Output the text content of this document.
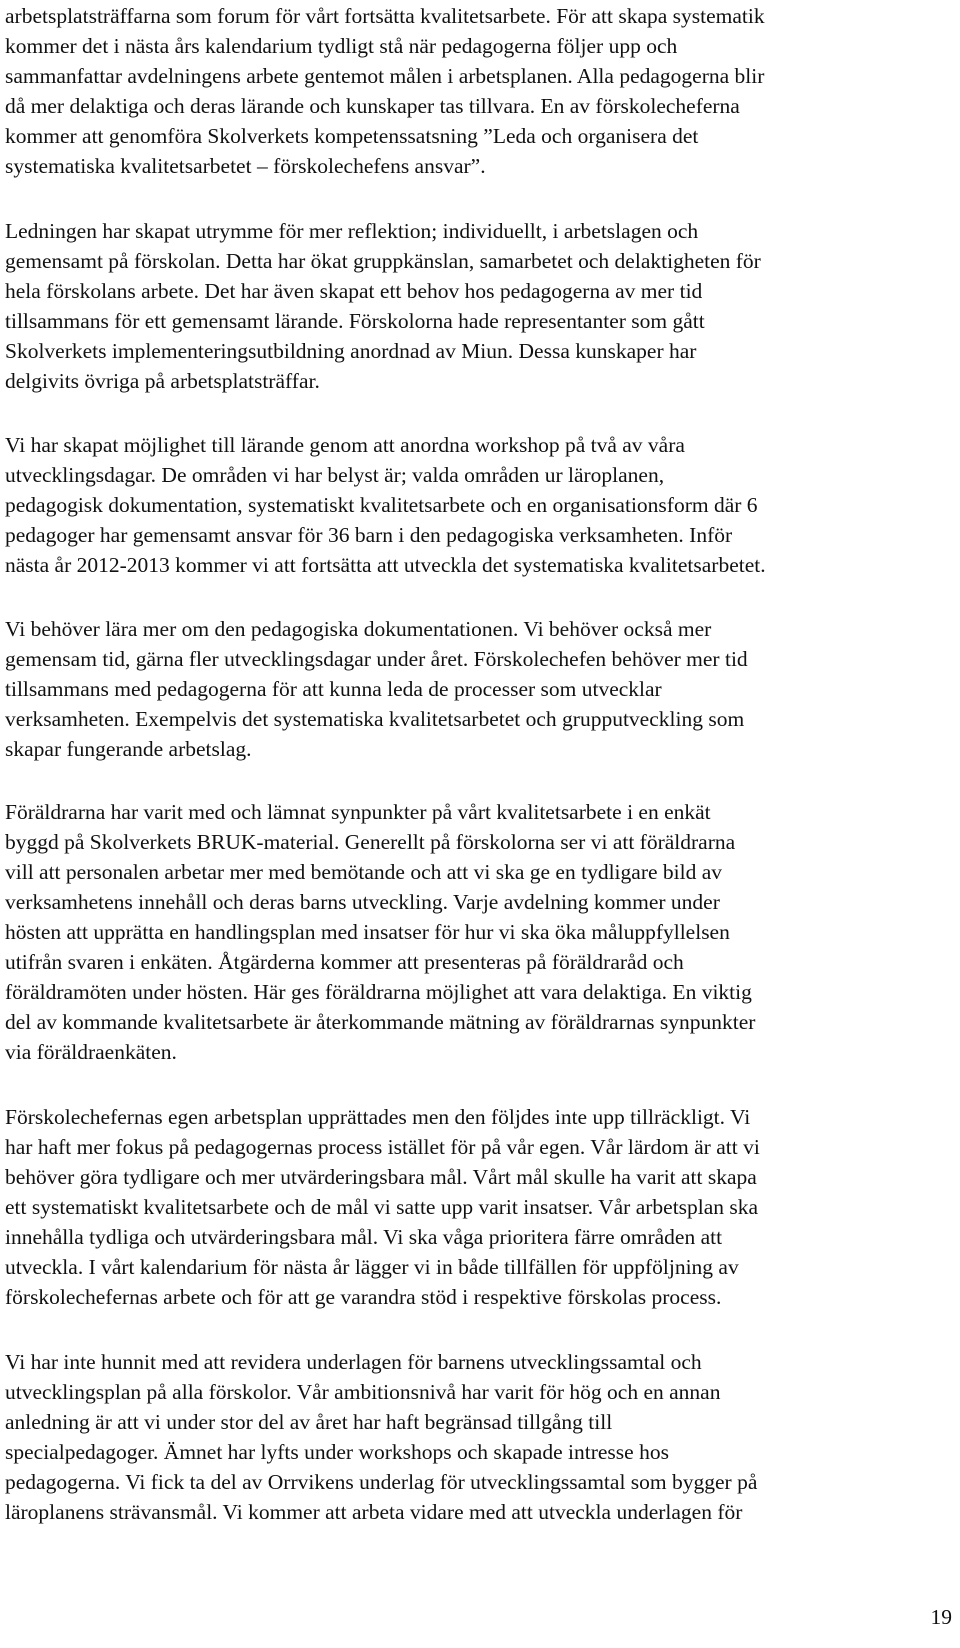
arbetsplatsträffarna som forum för vårt fortsätta kvalitetsarbete. För att skapa systematik
kommer det i nästa års kalendarium tydligt stå när pedagogerna följer upp och
sammanfattar avdelningens arbete gentemot målen i arbetsplanen. Alla pedagogerna blir
då mer delaktiga och deras lärande och kunskaper tas tillvara. En av förskolecheferna
kommer att genomföra Skolverkets kompetenssatsning ”Leda och organisera det
systematiska kvalitetsarbetet – förskolechefens ansvar”.
Ledningen har skapat utrymme för mer reflektion; individuellt, i arbetslagen och
gemensamt på förskolan. Detta har ökat gruppkänslan, samarbetet och delaktigheten för
hela förskolans arbete. Det har även skapat ett behov hos pedagogerna av mer tid
tillsammans för ett gemensamt lärande. Förskolorna hade representanter som gått
Skolverkets implementeringsutbildning anordnad av Miun. Dessa kunskaper har
delgivits övriga på arbetsplatsträffar.
Vi har skapat möjlighet till lärande genom att anordna workshop på två av våra
utvecklingsdagar. De områden vi har belyst är; valda områden ur läroplanen,
pedagogisk dokumentation, systematiskt kvalitetsarbete och en organisationsform där 6
pedagoger har gemensamt ansvar för 36 barn i den pedagogiska verksamheten. Inför
nästa år 2012-2013 kommer vi att fortsätta att utveckla det systematiska kvalitetsarbetet.
Vi behöver lära mer om den pedagogiska dokumentationen. Vi behöver också mer
gemensam tid, gärna fler utvecklingsdagar under året. Förskolechefen behöver mer tid
tillsammans med pedagogerna för att kunna leda de processer som utvecklar
verksamheten. Exempelvis det systematiska kvalitetsarbetet och grupputveckling som
skapar fungerande arbetslag.
Föräldrarna har varit med och lämnat synpunkter på vårt kvalitetsarbete i en enkät
byggd på Skolverkets BRUK-material. Generellt på förskolorna ser vi att föräldrarna
vill att personalen arbetar mer med bemötande och att vi ska ge en tydligare bild av
verksamhetens innehåll och deras barns utveckling. Varje avdelning kommer under
hösten att upprätta en handlingsplan med insatser för hur vi ska öka måluppfyllelsen
utifrån svaren i enkäten. Åtgärderna kommer att presenteras på föräldraråd och
föräldramöten under hösten. Här ges föräldrarna möjlighet att vara delaktiga. En viktig
del av kommande kvalitetsarbete är återkommande mätning av föräldrarnas synpunkter
via föräldraenkäten.
Förskolechefernas egen arbetsplan upprättades men den följdes inte upp tillräckligt. Vi
har haft mer fokus på pedagogernas process istället för på vår egen. Vår lärdom är att vi
behöver göra tydligare och mer utvärderingsbara mål. Vårt mål skulle ha varit att skapa
ett systematiskt kvalitetsarbete och de mål vi satte upp varit insatser. Vår arbetsplan ska
innehålla tydliga och utvärderingsbara mål. Vi ska våga prioritera färre områden att
utveckla. I vårt kalendarium för nästa år lägger vi in både tillfällen för uppföljning av
förskolechefernas arbete och för att ge varandra stöd i respektive förskolas process.
Vi har inte hunnit med att revidera underlagen för barnens utvecklingssamtal och
utvecklingsplan på alla förskolor. Vår ambitionsnivå har varit för hög och en annan
anledning är att vi under stor del av året har haft begränsad tillgång till
specialpedagoger. Ämnet har lyfts under workshops och skapade intresse hos
pedagogerna. Vi fick ta del av Orrvikens underlag för utvecklingssamtal som bygger på
läroplanens strävansmål. Vi kommer att arbeta vidare med att utveckla underlagen för

19
